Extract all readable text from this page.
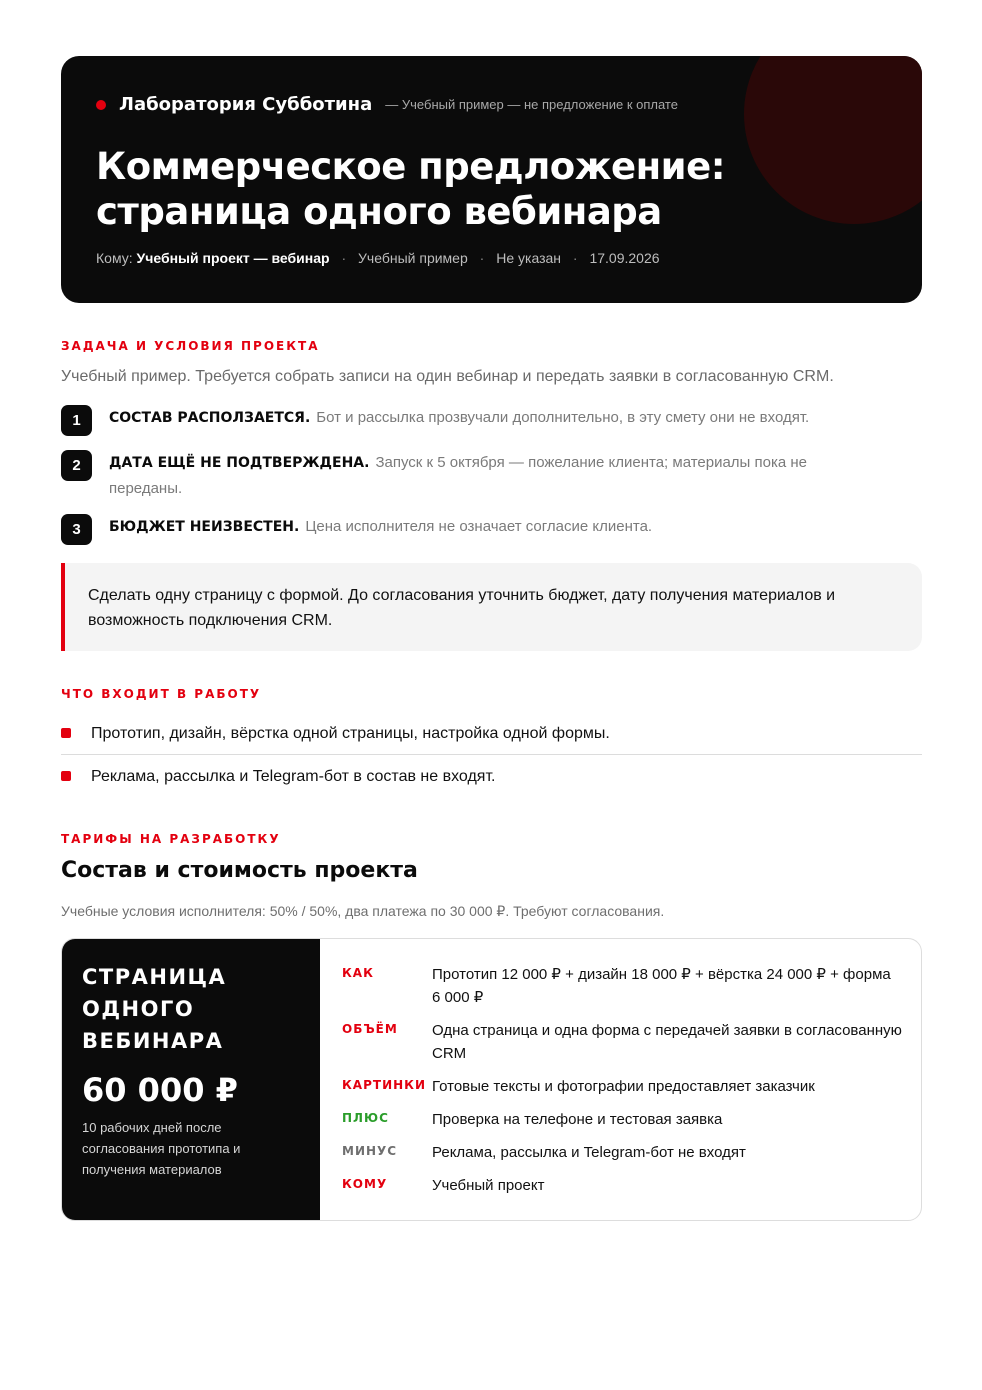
Лаборатория Субботина — Учебный пример — не предложение к оплате
Коммерческое предложение:
страница одного вебинара
Кому: Учебный проект — вебинар · Учебный пример · Не указан · 17.09.2026
ЗАДАЧА И УСЛОВИЯ ПРОЕКТА
Учебный пример. Требуется собрать записи на один вебинар и передать заявки в согласованную CRM.
1	СОСТАВ РАСПОЛЗАЕТСЯ. Бот и рассылка прозвучали дополнительно, в эту смету они не входят.
2	ДАТА ЕЩЁ НЕ ПОДТВЕРЖДЕНА. Запуск к 5 октября — пожелание клиента; материалы пока не переданы.
3	БЮДЖЕТ НЕИЗВЕСТЕН. Цена исполнителя не означает согласие клиента.
Сделать одну страницу с формой. До согласования уточнить бюджет, дату получения материалов и возможность подключения CRM.
ЧТО ВХОДИТ В РАБОТУ
Прототип, дизайн, вёрстка одной страницы, настройка одной формы.
Реклама, рассылка и Telegram-бот в состав не входят.
ТАРИФЫ НА РАЗРАБОТКУ
Состав и стоимость проекта
Учебные условия исполнителя: 50% / 50%, два платежа по 30 000 ₽. Требуют согласования.
СТРАНИЦА
ОДНОГО
ВЕБИНАРА
60 000 ₽
10 рабочих дней после согласования прототипа и получения материалов
КАК	Прототип 12 000 ₽ + дизайн 18 000 ₽ + вёрстка 24 000 ₽ + форма 6 000 ₽
ОБЪЁМ	Одна страница и одна форма с передачей заявки в согласованную CRM
КАРТИНКИ Готовые тексты и фотографии предоставляет заказчик
ПЛЮС	Проверка на телефоне и тестовая заявка
МИНУС	Реклама, рассылка и Telegram-бот не входят
КОМУ	Учебный проект
